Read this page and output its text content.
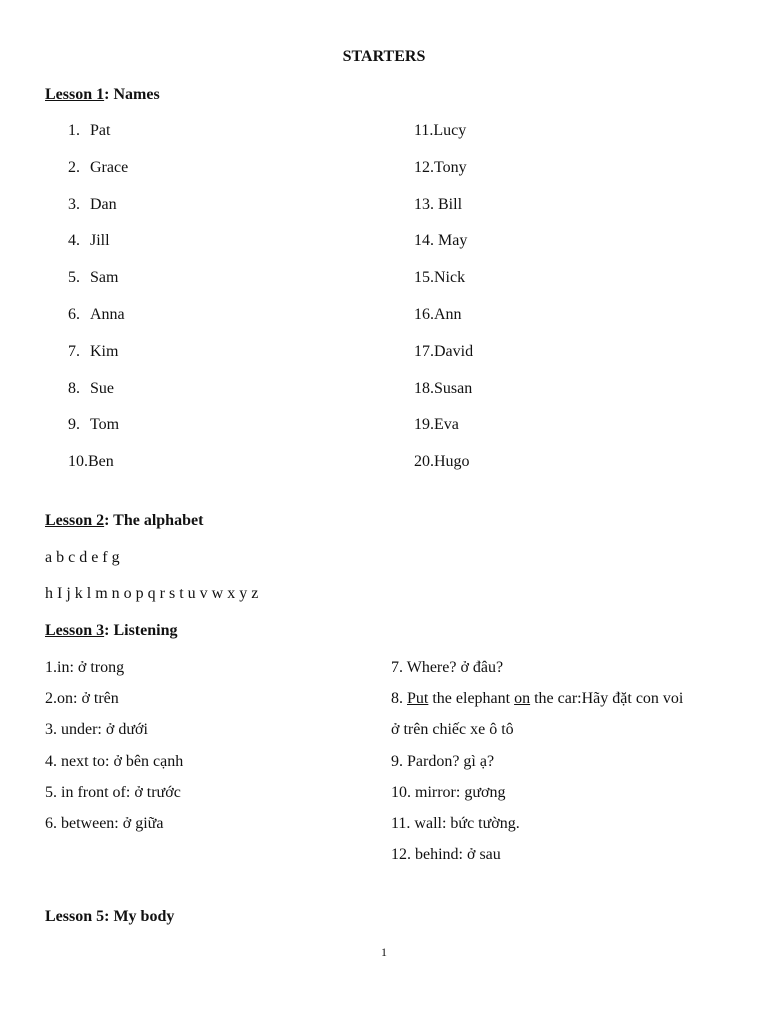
STARTERS
Lesson 1: Names
1. Pat
2. Grace
3. Dan
4. Jill
5. Sam
6. Anna
7. Kim
8. Sue
9. Tom
10.Ben
11.Lucy
12.Tony
13. Bill
14. May
15.Nick
16.Ann
17.David
18.Susan
19.Eva
20.Hugo
Lesson 2: The alphabet
a b c d e f g
h I j k l m n o p q r s t u v w x y z
Lesson 3: Listening
1.in: ở trong
2.on: ở trên
3. under: ở dưới
4. next to: ở bên cạnh
5. in front of: ở trước
6. between: ở giữa
7. Where? ở đâu?
8. Put the elephant on the car:Hãy đặt con voi
ở trên chiếc xe ô tô
9. Pardon? gì ạ?
10. mirror: gương
11. wall: bức tường.
12. behind: ở sau
Lesson 5: My body
1
